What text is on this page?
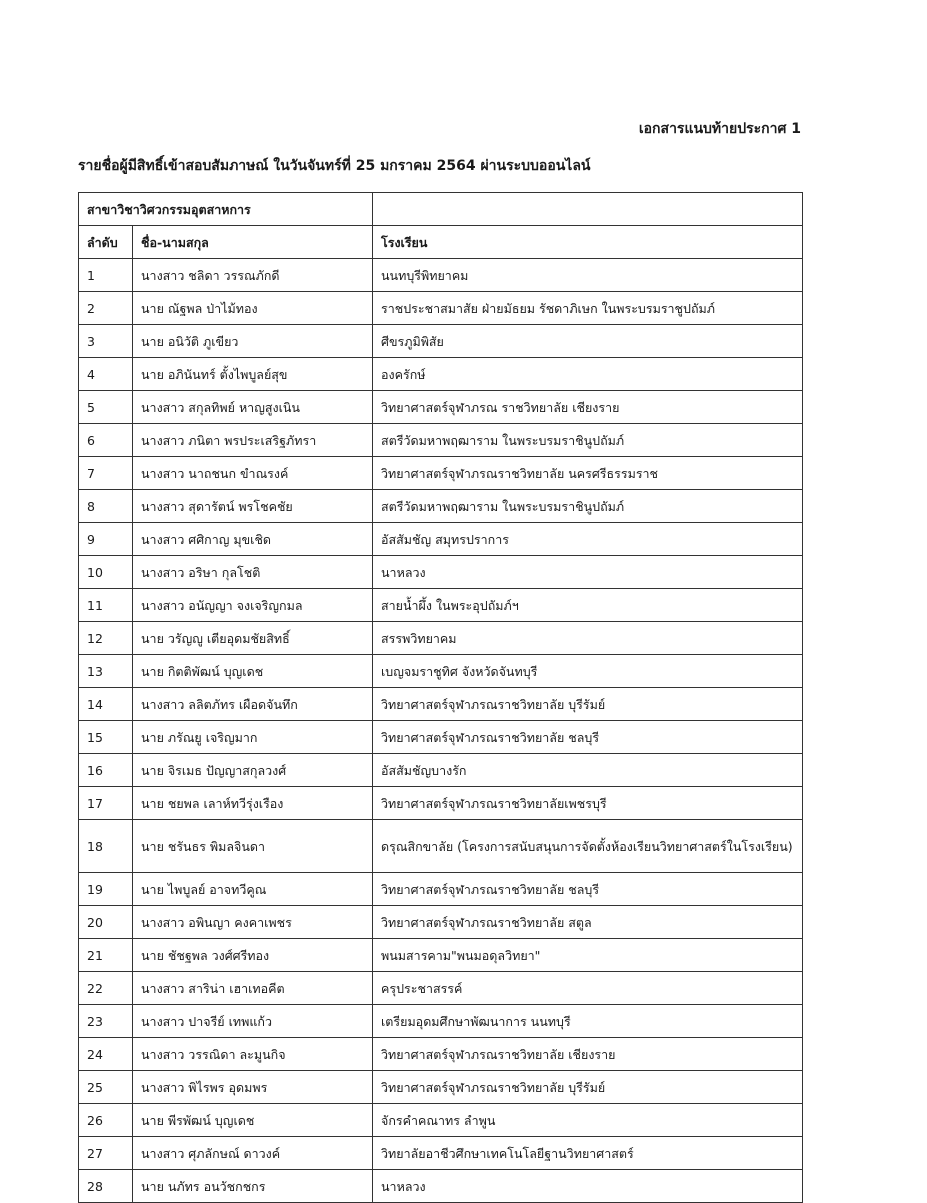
เอกสารแนบท้ายประกาศ 1
รายชื่อผู้มีสิทธิ์เข้าสอบสัมภาษณ์ ในวันจันทร์ที่ 25 มกราคม 2564 ผ่านระบบออนไลน์
สาขาวิชาวิศวกรรมอุตสาหการ		
ลำดับ	ชื่อ-นามสกุล	โรงเรียน
1	นางสาว ชลิดา วรรณภักดี	นนทบุรีพิทยาคม
2	นาย ณัฐพล ป่าไม้ทอง	ราชประชาสมาสัย ฝ่ายมัธยม รัชดาภิเษก ในพระบรมราชูปถัมภ์
3	นาย อนิวัติ ภูเขียว	ศีขรภูมิพิสัย
4	นาย อภินันทร์ ตั้งไพบูลย์สุข	องครักษ์
5	นางสาว สกุลทิพย์ หาญสูงเนิน	วิทยาศาสตร์จุฬาภรณ ราชวิทยาลัย เชียงราย
6	นางสาว ภนิตา พรประเสริฐภัทรา	สตรีวัดมหาพฤฒาราม ในพระบรมราชินูปถัมภ์
7	นางสาว นาถชนก ขำณรงค์	วิทยาศาสตร์จุฬาภรณราชวิทยาลัย นครศรีธรรมราช
8	นางสาว สุดารัตน์ พรโชคชัย	สตรีวัดมหาพฤฒาราม ในพระบรมราชินูปถัมภ์
9	นางสาว ศศิกาญ มุขเชิด	อัสสัมชัญ สมุทรปราการ
10	นางสาว อริษา กุลโชติ	นาหลวง
11	นางสาว อนัญญา จงเจริญกมล	สายน้ำผึ้ง ในพระอุปถัมภ์ฯ
12	นาย วรัญญู เตียอุดมชัยสิทธิ์	สรรพวิทยาคม
13	นาย กิตติพัฒน์ บุญเดช	เบญจมราชูทิศ จังหวัดจันทบุรี
14	นางสาว ลลิตภัทร เผือดจันทึก	วิทยาศาสตร์จุฬาภรณราชวิทยาลัย บุรีรัมย์
15	นาย ภรัณยู เจริญมาก	วิทยาศาสตร์จุฬาภรณราชวิทยาลัย ชลบุรี
16	นาย จิรเมธ ปัญญาสกุลวงศ์	อัสสัมชัญบางรัก
17	นาย ชยพล เลาห์ทวีรุ่งเรือง	วิทยาศาสตร์จุฬาภรณราชวิทยาลัยเพชรบุรี
18	นาย ชรันธร พิมลจินดา	ดรุณสิกขาลัย (โครงการสนับสนุนการจัดตั้งห้องเรียนวิทยาศาสตร์ในโรงเรียน)
19	นาย ไพบูลย์ อาจทวีคูณ	วิทยาศาสตร์จุฬาภรณราชวิทยาลัย ชลบุรี
20	นางสาว อพินญา คงคาเพชร	วิทยาศาสตร์จุฬาภรณราชวิทยาลัย สตูล
21	นาย ชัชฐพล วงศ์ศรีทอง	พนมสารคาม"พนมอดุลวิทยา"
22	นางสาว สาริน่า เฮาเทอคีต	ครุประชาสรรค์
23	นางสาว ปาจรีย์ เทพแก้ว	เตรียมอุดมศึกษาพัฒนาการ นนทบุรี
24	นางสาว วรรณิดา ละมูนกิจ	วิทยาศาสตร์จุฬาภรณราชวิทยาลัย เชียงราย
25	นางสาว พิไรพร อุดมพร	วิทยาศาสตร์จุฬาภรณราชวิทยาลัย บุรีรัมย์
26	นาย พีรพัฒน์ บุญเดช	จักรคำคณาทร ลำพูน
27	นางสาว ศุภลักษณ์ ดาวงค์	วิทยาลัยอาชีวศึกษาเทคโนโลยีฐานวิทยาศาสตร์
28	นาย นภัทร อนวัชกชกร	นาหลวง
